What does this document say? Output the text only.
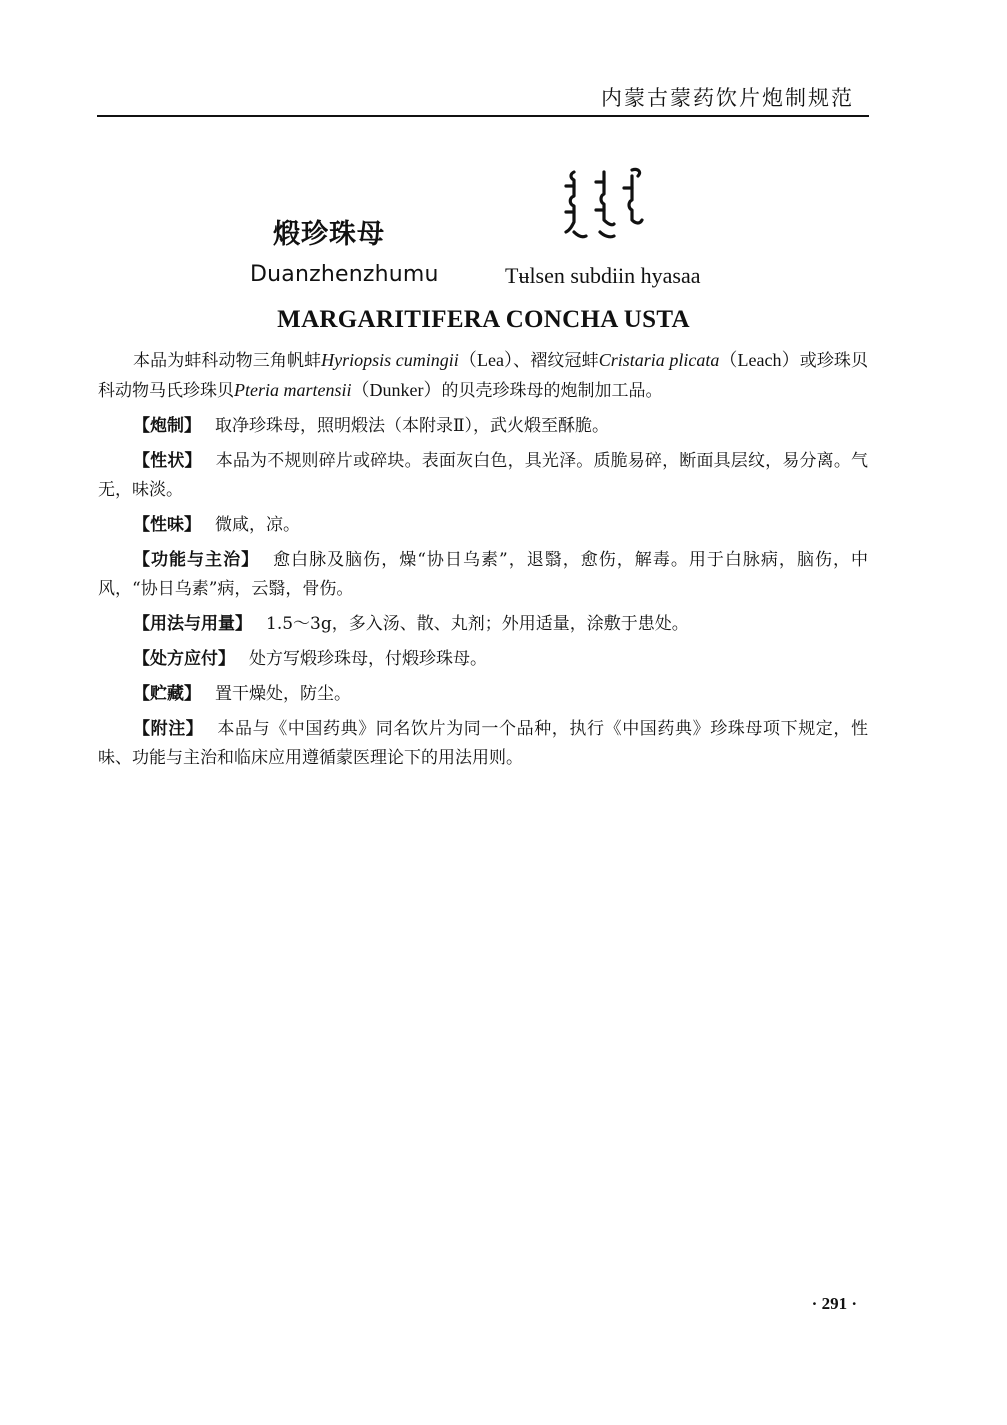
内蒙古蒙药饮片炮制规范
煅珍珠母
Duanzhenzhumu	Tʉlsen subdiin hyasaa
MARGARITIFERA CONCHA USTA

本品为蚌科动物三角帆蚌Hyriopsis cumingii（Lea）、褶纹冠蚌Cristaria plicata（Leach）或珍珠贝科动物马氏珍珠贝Pteria martensii（Dunker）的贝壳珍珠母的炮制加工品。

【炮制】 取净珍珠母，照明煅法（本附录Ⅱ），武火煅至酥脆。

【性状】 本品为不规则碎片或碎块。表面灰白色，具光泽。质脆易碎，断面具层纹，易分离。气无，味淡。

【性味】 微咸，凉。

【功能与主治】 愈白脉及脑伤，燥“协日乌素”，退翳，愈伤，解毒。用于白脉病，脑伤，中风，“协日乌素”病，云翳，骨伤。

【用法与用量】 1.5～3g，多入汤、散、丸剂；外用适量，涂敷于患处。

【处方应付】 处方写煅珍珠母，付煅珍珠母。

【贮藏】 置干燥处，防尘。

【附注】 本品与《中国药典》同名饮片为同一个品种，执行《中国药典》珍珠母项下规定，性味、功能与主治和临床应用遵循蒙医理论下的用法用则。

· 291 ·
